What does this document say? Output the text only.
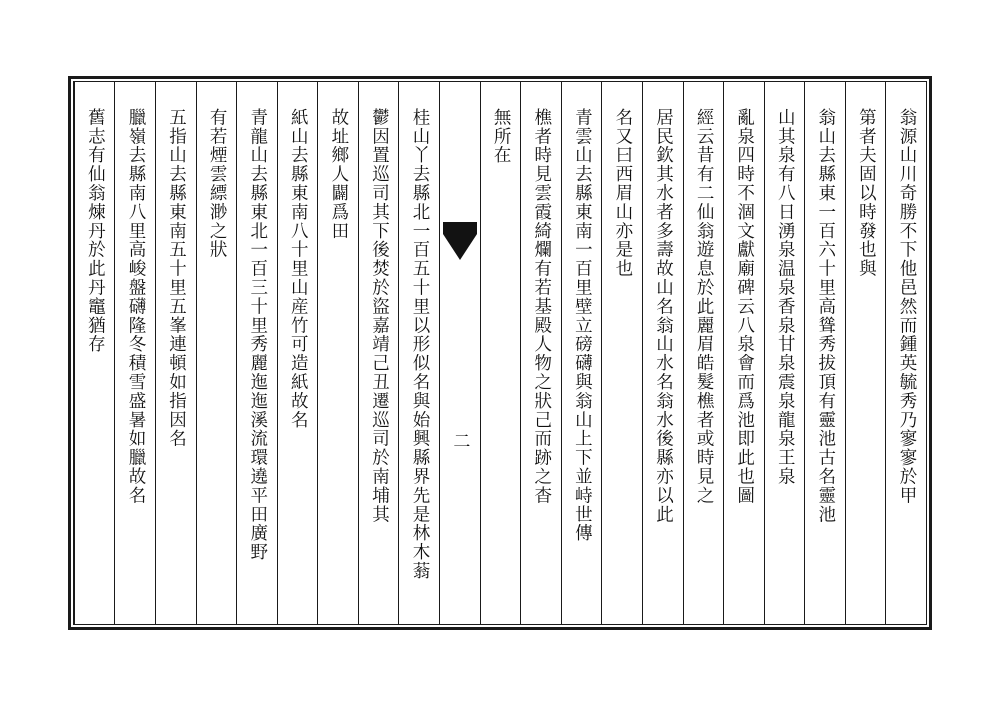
翁源山川奇勝不下他邑然而鍾英毓秀乃寥寥於甲
第者夫固以時發也與
翁山去縣東一百六十里高聳秀拔頂有靈池古名靈池
山其泉有八日湧泉温泉香泉甘泉震泉龍泉王泉
亂泉四時不涸文獻廟碑云八泉會而爲池即此也圖
經云昔有二仙翁遊息於此麗眉皓髮樵者或時見之
居民欽其水者多壽故山名翁山水名翁水後縣亦以此
名又曰西眉山亦是也
青雲山去縣東南一百里壁立磅礴與翁山上下並峙世傳
樵者時見雲霞綺爛有若基殿人物之狀己而跡之杳
無所在
二
桂山丫去縣北一百五十里以形似名與始興縣界先是林木蓊
鬱因置巡司其下後焚於盜嘉靖己丑遷巡司於南埔其
故址鄉人闢爲田
紙山去縣東南八十里山産竹可造紙故名
青龍山去縣東北一百三十里秀麗迤迤溪流環遶平田廣野
有若煙雲縹渺之狀
五指山去縣東南五十里五峯連頓如指因名
臘嶺去縣南八里高峻盤礴隆冬積雪盛暑如臘故名
舊志有仙翁煉丹於此丹竈猶存
